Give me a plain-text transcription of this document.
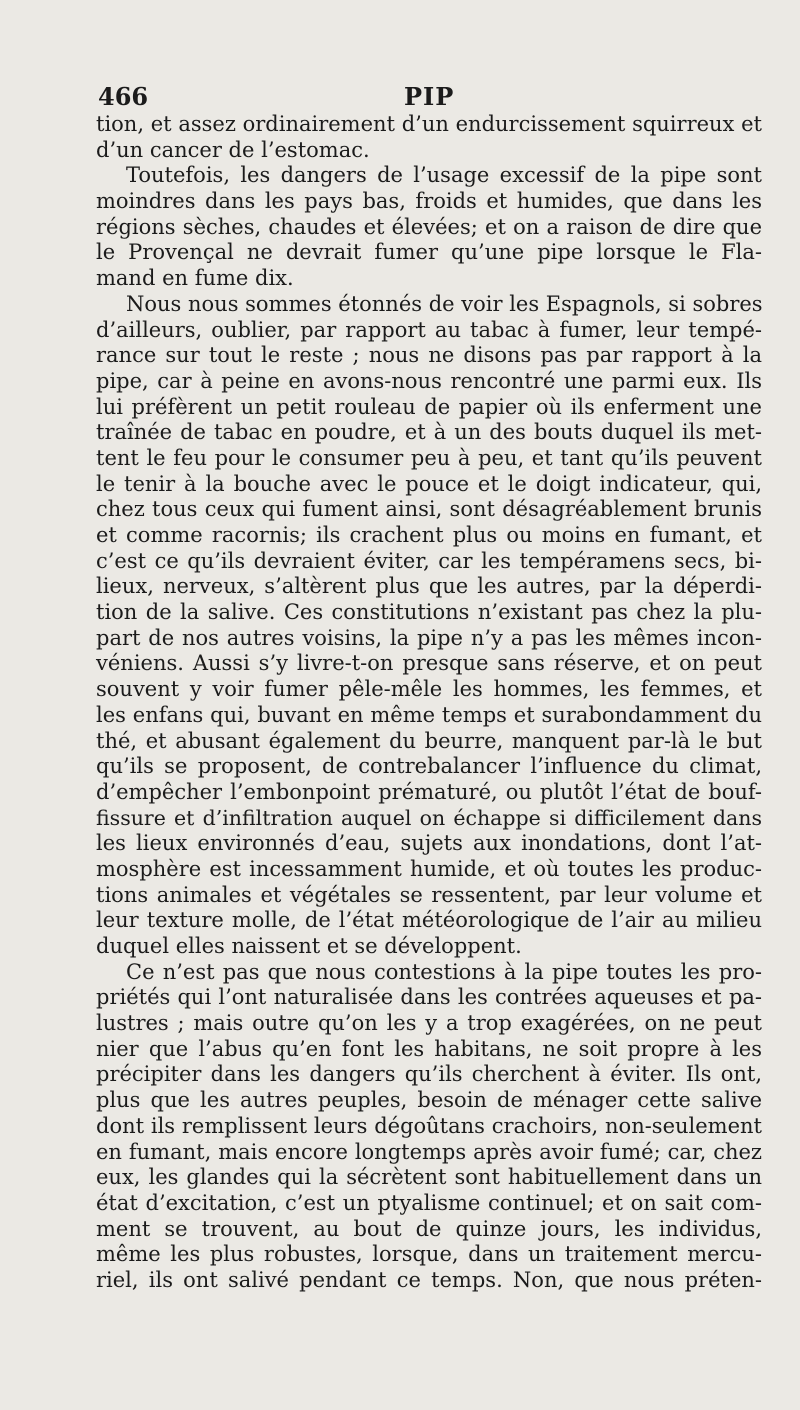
466	PIP
tion, et assez ordinairement d’un endurcissement squirreux et
d’un cancer de l’estomac.
Toutefois, les dangers de l’usage excessif de la pipe sont
moindres dans les pays bas, froids et humides, que dans les
régions sèches, chaudes et élevées; et on a raison de dire que
le Provençal ne devrait fumer qu’une pipe lorsque le Fla-
mand en fume dix.
Nous nous sommes étonnés de voir les Espagnols, si sobres
d’ailleurs, oublier, par rapport au tabac à fumer, leur tempé-
rance sur tout le reste ; nous ne disons pas par rapport à la
pipe, car à peine en avons-nous rencontré une parmi eux. Ils
lui préfèrent un petit rouleau de papier où ils enferment une
traînée de tabac en poudre, et à un des bouts duquel ils met-
tent le feu pour le consumer peu à peu, et tant qu’ils peuvent
le tenir à la bouche avec le pouce et le doigt indicateur, qui,
chez tous ceux qui fument ainsi, sont désagréablement brunis
et comme racornis; ils crachent plus ou moins en fumant, et
c’est ce qu’ils devraient éviter, car les tempéramens secs, bi-
lieux, nerveux, s’altèrent plus que les autres, par la déperdi-
tion de la salive. Ces constitutions n’existant pas chez la plu-
part de nos autres voisins, la pipe n’y a pas les mêmes incon-
véniens. Aussi s’y livre-t-on presque sans réserve, et on peut
souvent y voir fumer pêle-mêle les hommes, les femmes, et
les enfans qui, buvant en même temps et surabondamment du
thé, et abusant également du beurre, manquent par-là le but
qu’ils se proposent, de contrebalancer l’influence du climat,
d’empêcher l’embonpoint prématuré, ou plutôt l’état de bouf-
fissure et d’infiltration auquel on échappe si difficilement dans
les lieux environnés d’eau, sujets aux inondations, dont l’at-
mosphère est incessamment humide, et où toutes les produc-
tions animales et végétales se ressentent, par leur volume et
leur texture molle, de l’état météorologique de l’air au milieu
duquel elles naissent et se développent.
Ce n’est pas que nous contestions à la pipe toutes les pro-
priétés qui l’ont naturalisée dans les contrées aqueuses et pa-
lustres ; mais outre qu’on les y a trop exagérées, on ne peut
nier que l’abus qu’en font les habitans, ne soit propre à les
précipiter dans les dangers qu’ils cherchent à éviter. Ils ont,
plus que les autres peuples, besoin de ménager cette salive
dont ils remplissent leurs dégoûtans crachoirs, non-seulement
en fumant, mais encore longtemps après avoir fumé; car, chez
eux, les glandes qui la sécrètent sont habituellement dans un
état d’excitation, c’est un ptyalisme continuel; et on sait com-
ment se trouvent, au bout de quinze jours, les individus,
même les plus robustes, lorsque, dans un traitement mercu-
riel, ils ont salivé pendant ce temps. Non, que nous préten-
